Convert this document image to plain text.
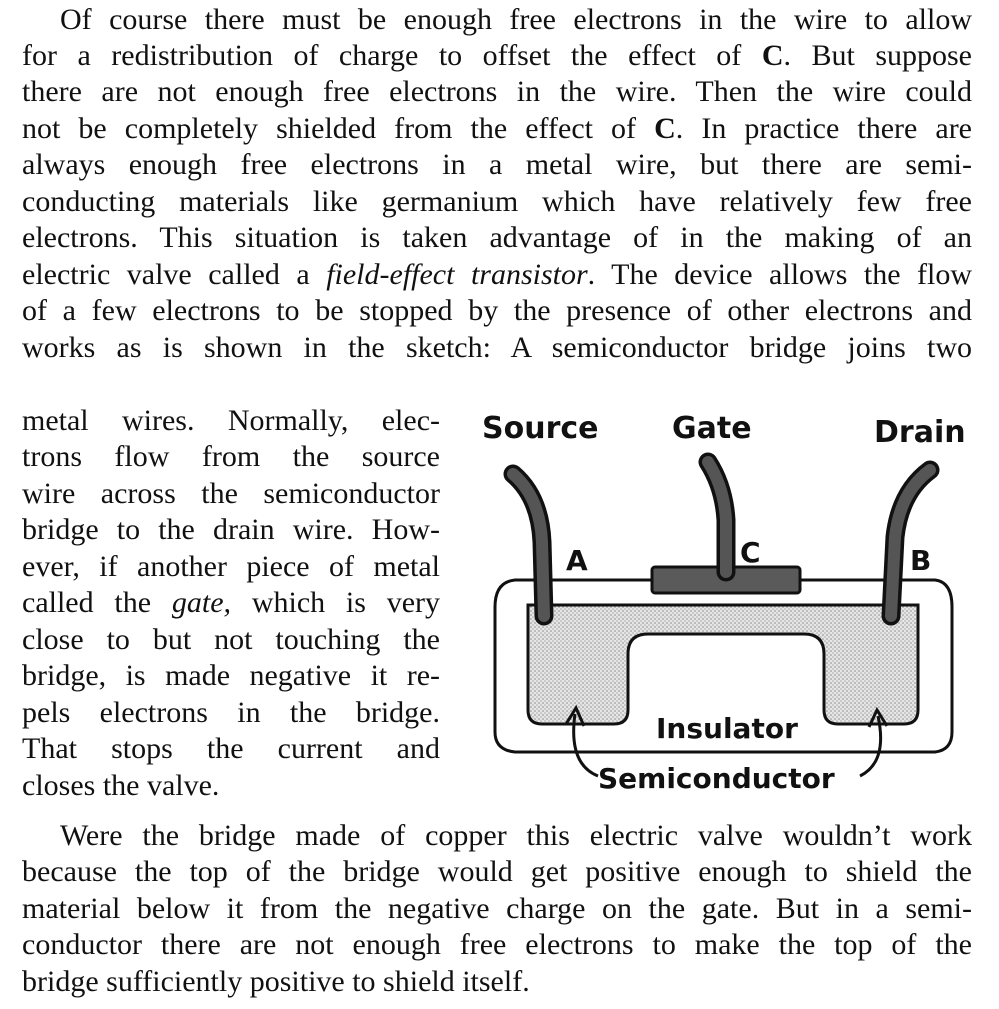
Of course there must be enough free electrons in the wire to allow
for a redistribution of charge to offset the effect of C. But suppose
there are not enough free electrons in the wire. Then the wire could
not be completely shielded from the effect of C. In practice there are
always enough free electrons in a metal wire, but there are semi-
conducting materials like germanium which have relatively few free
electrons. This situation is taken advantage of in the making of an
electric valve called a field-effect transistor. The device allows the flow
of a few electrons to be stopped by the presence of other electrons and
works as is shown in the sketch: A semiconductor bridge joins two
metal wires. Normally, elec-
trons flow from the source
wire across the semiconductor
bridge to the drain wire. How-
ever, if another piece of metal
called the gate, which is very
close to but not touching the
bridge, is made negative it re-
pels electrons in the bridge.
That stops the current and
closes the valve.
Source Gate	Drain
A	C	B
Insulator
Semiconductor
Were the bridge made of copper this electric valve wouldn’t work
because the top of the bridge would get positive enough to shield the
material below it from the negative charge on the gate. But in a semi-
conductor there are not enough free electrons to make the top of the
bridge sufficiently positive to shield itself.
